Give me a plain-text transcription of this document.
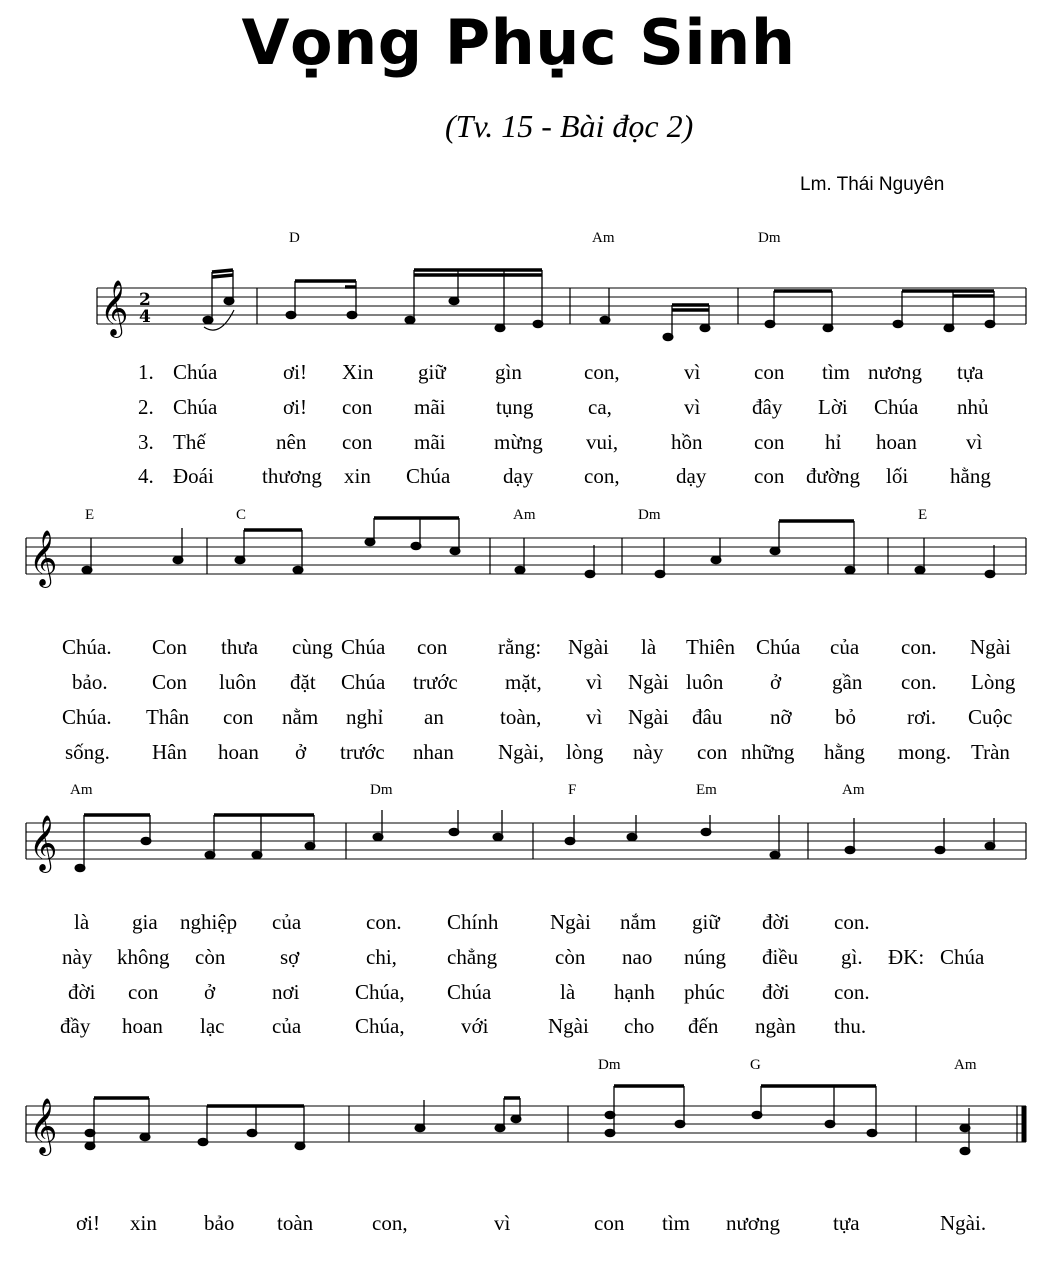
Vọng Phục Sinh
(Tv. 15 - Bài đọc 2)
Lm. Thái Nguyên
𝄞 2
4
𝄞
𝄞
𝄞
D	Am	Dm
1. Chúa	ơi! Xin giữ gìn	con,	vì	con tìm nương tựa
2. Chúa	ơi! con mãi tụng	ca,	vì đây Lời Chúa nhủ
3. Thế	nên con mãi mừng vui,	hồn con hỉ hoan vì
4. Đoái thương xin Chúa	dạy con,	dạy con đường lối hằng
E	C	Am	Dm	E
Chúa. Con thưa cùng Chúa con rằng: Ngài là Thiên Chúa của con. Ngài
bảo. Con luôn đặt Chúa trước mặt, vì Ngài luôn ở gần con. Lòng
Chúa. Thân con nằm nghỉ an	toàn, vì Ngài đâu nỡ bỏ rơi. Cuộc
sống. Hân hoan ở trước nhan Ngài, lòng này con những hằng mong. Tràn
Am	Dm	F	Em	Am
là gia nghiệp của	con. Chính Ngài nắm giữ đời con.
này không còn	sợ	chi, chẳng	còn nao núng điều gì. ĐK: Chúa
đời con ở	nơi	Chúa, Chúa	là hạnh phúc đời con.
đầy hoan lạc của	Chúa,	với	Ngài cho đến ngàn thu.
Dm	G	Am
ơi! xin bảo toàn	con,	vì	con tìm nương	tựa	Ngài.
